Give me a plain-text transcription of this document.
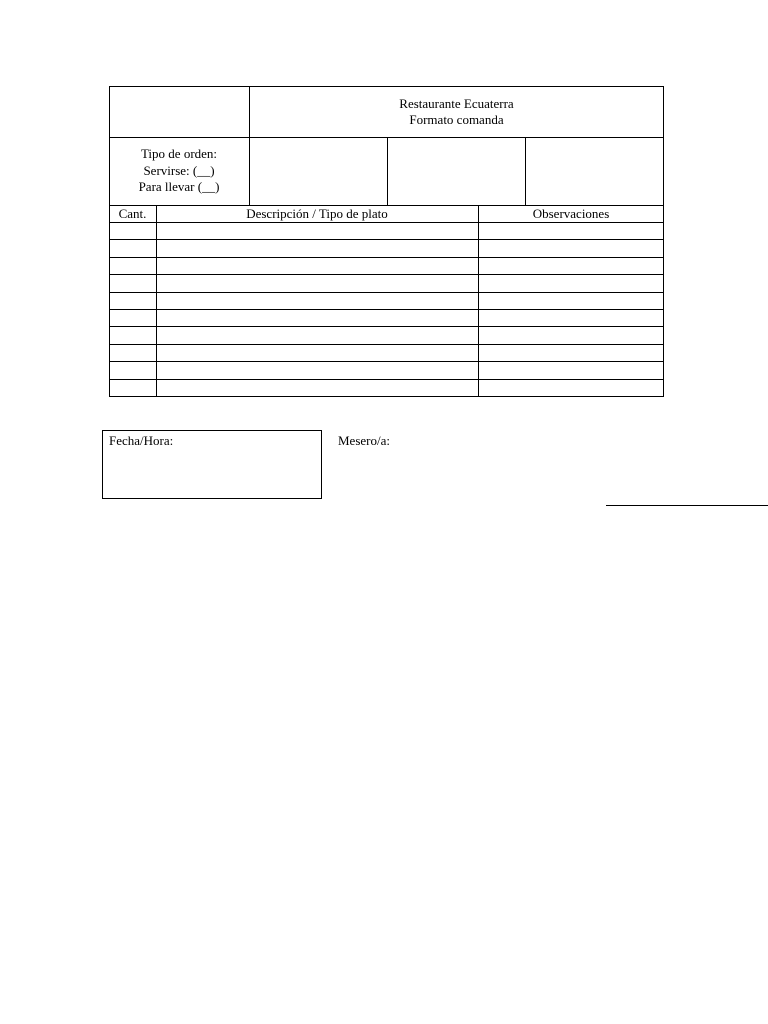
Restaurante Ecuaterra
Formato comanda
Tipo de orden:
Servirse: (__)
Para llevar (__)
Cant.	Descripción / Tipo de plato	Observaciones
Fecha/Hora:	Mesero/a:
